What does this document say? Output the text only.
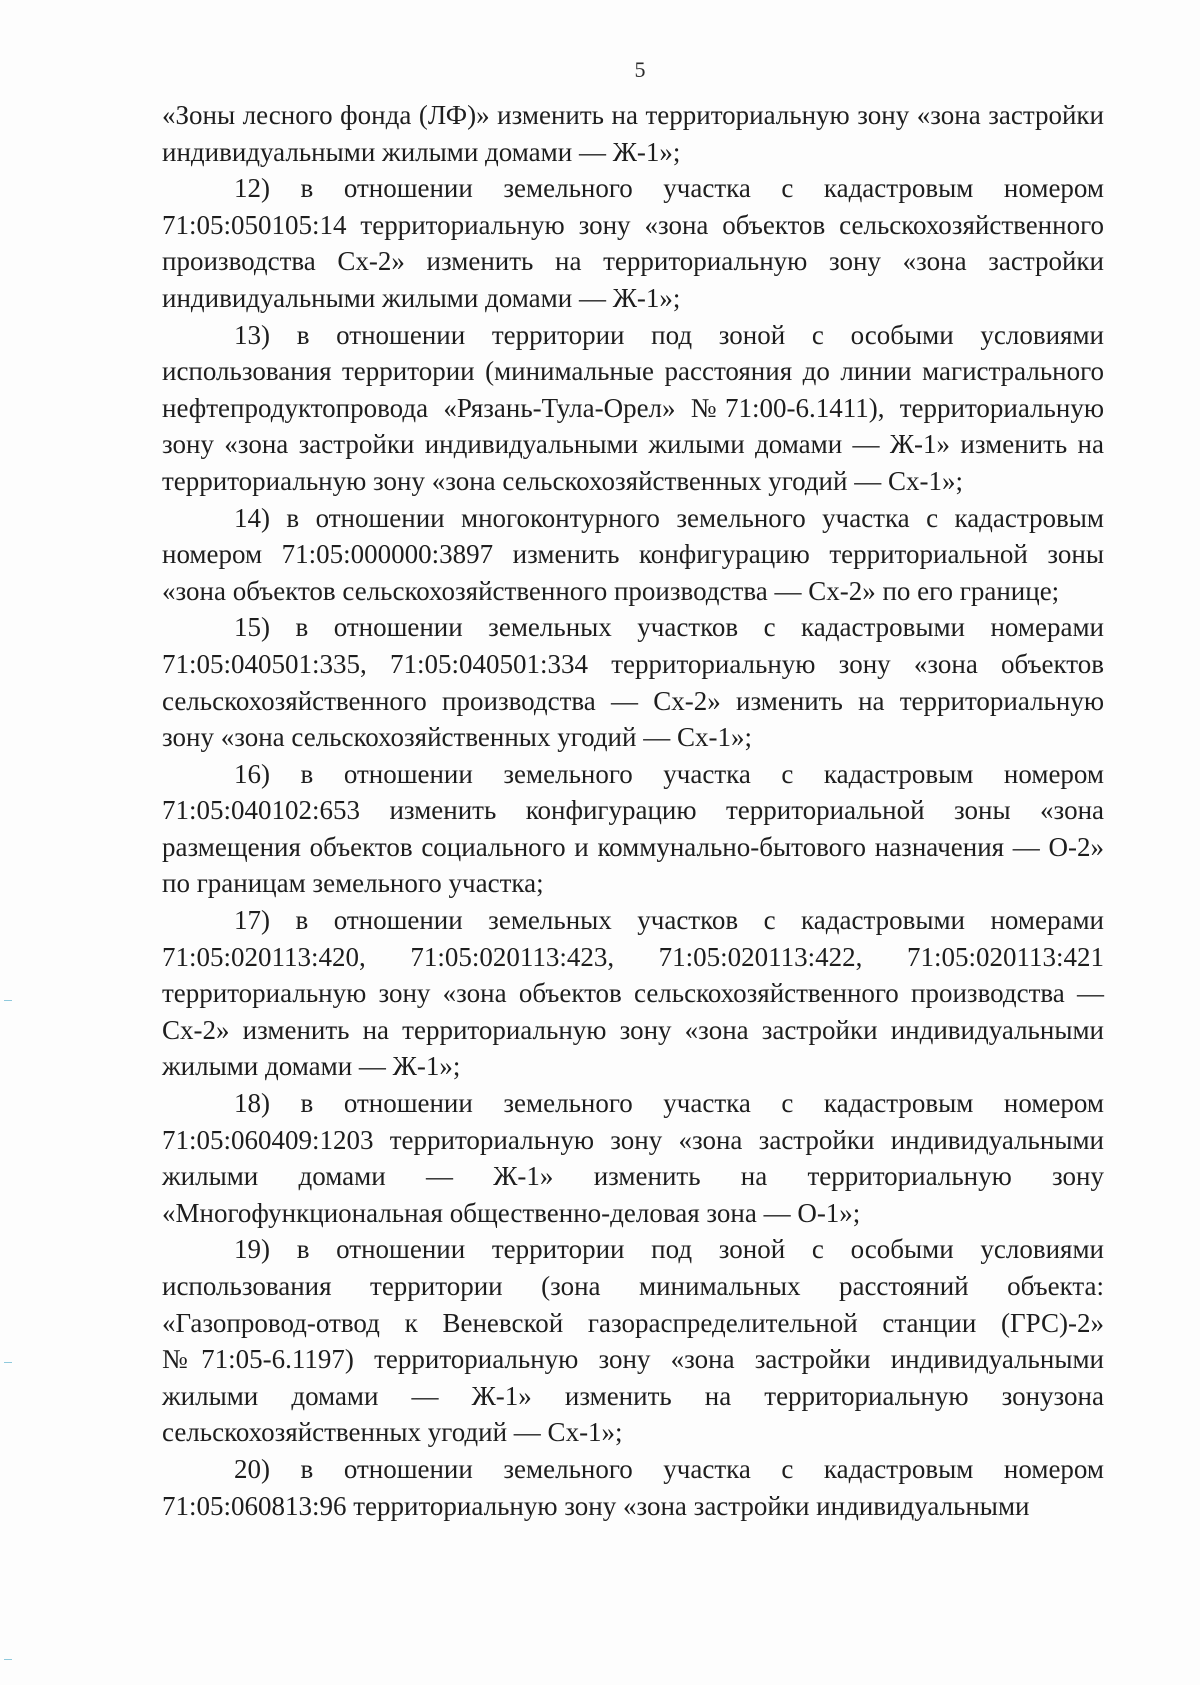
5

«Зоны лесного фонда (ЛФ)» изменить на территориальную зону «зона застройки индивидуальными жилыми домами — Ж-1»;

12) в отношении земельного участка с кадастровым номером 71:05:050105:14 территориальную зону «зона объектов сельскохозяйственного производства Сх-2» изменить на территориальную зону «зона застройки индивидуальными жилыми домами — Ж-1»;

13) в отношении территории под зоной с особыми условиями использования территории (минимальные расстояния до линии магистрального нефтепродуктопровода «Рязань-Тула-Орел» №71:00-6.1411), территориальную зону «зона застройки индивидуальными жилыми домами — Ж-1» изменить на территориальную зону «зона сельскохозяйственных угодий — Сх-1»;

14) в отношении многоконтурного земельного участка с кадастровым номером 71:05:000000:3897 изменить конфигурацию территориальной зоны «зона объектов сельскохозяйственного производства — Сх-2» по его границе;

15) в отношении земельных участков с кадастровыми номерами 71:05:040501:335, 71:05:040501:334 территориальную зону «зона объектов сельскохозяйственного производства — Сх-2» изменить на территориальную зону «зона сельскохозяйственных угодий — Сх-1»;

16) в отношении земельного участка с кадастровым номером 71:05:040102:653 изменить конфигурацию территориальной зоны «зона размещения объектов социального и коммунально-бытового назначения — О-2» по границам земельного участка;

17) в отношении земельных участков с кадастровыми номерами 71:05:020113:420, 71:05:020113:423, 71:05:020113:422, 71:05:020113:421 территориальную зону «зона объектов сельскохозяйственного производства — Сх-2» изменить на территориальную зону «зона застройки индивидуальными жилыми домами — Ж-1»;

18) в отношении земельного участка с кадастровым номером 71:05:060409:1203 территориальную зону «зона застройки индивидуальными жилыми домами — Ж-1» изменить на территориальную зону «Многофункциональная общественно-деловая зона — О-1»;

19) в отношении территории под зоной с особыми условиями использования территории (зона минимальных расстояний объекта: «Газопровод-отвод к Веневской газораспределительной станции (ГРС)-2» №71:05-6.1197) территориальную зону «зона застройки индивидуальными жилыми домами — Ж-1» изменить на территориальную зонузона сельскохозяйственных угодий — Сх-1»;

20) в отношении земельного участка с кадастровым номером 71:05:060813:96 территориальную зону «зона застройки индивидуальными
